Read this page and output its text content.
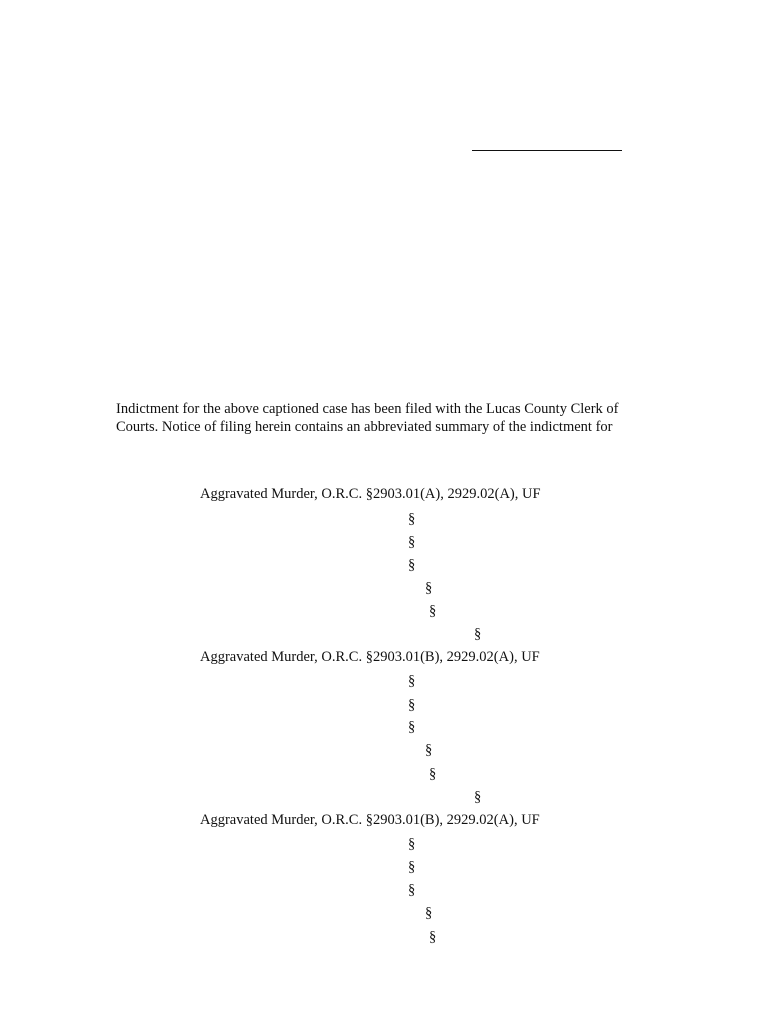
Indictment for the above captioned case has been filed with the Lucas County Clerk of

Courts. Notice of filing herein contains an abbreviated summary of the indictment for

Aggravated Murder, O.R.C. §2903.01(A), 2929.02(A), UF
§
§
§
§
§
§
Aggravated Murder, O.R.C. §2903.01(B), 2929.02(A), UF
§
§
§
§
§
§
Aggravated Murder, O.R.C. §2903.01(B), 2929.02(A), UF
§
§
§
§
§
